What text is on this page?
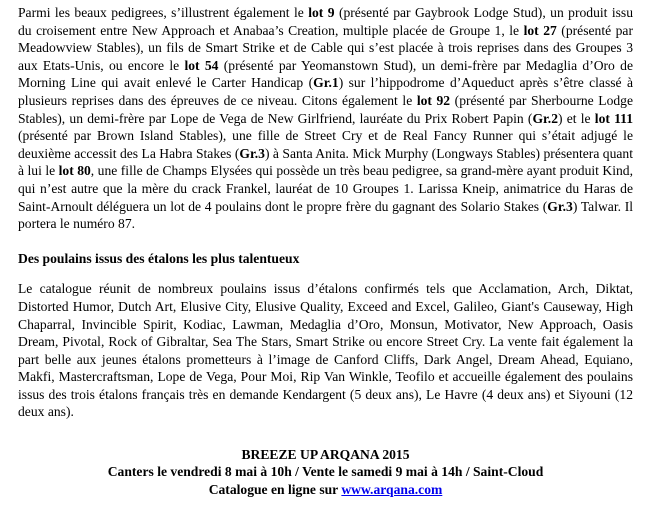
Parmi les beaux pedigrees, s’illustrent également le lot 9 (présenté par Gaybrook Lodge Stud), un produit issu du croisement entre New Approach et Anabaa’s Creation, multiple placée de Groupe 1, le lot 27 (présenté par Meadowview Stables), un fils de Smart Strike et de Cable qui s’est placée à trois reprises dans des Groupes 3 aux Etats-Unis, ou encore le lot 54 (présenté par Yeomanstown Stud), un demi-frère par Medaglia d’Oro de Morning Line qui avait enlevé le Carter Handicap (Gr.1) sur l’hippodrome d’Aqueduct après s’être classé à plusieurs reprises dans des épreuves de ce niveau. Citons également le lot 92 (présenté par Sherbourne Lodge Stables), un demi-frère par Lope de Vega de New Girlfriend, lauréate du Prix Robert Papin (Gr.2) et le lot 111 (présenté par Brown Island Stables), une fille de Street Cry et de Real Fancy Runner qui s’était adjugé le deuxième accessit des La Habra Stakes (Gr.3) à Santa Anita. Mick Murphy (Longways Stables) présentera quant à lui le lot 80, une fille de Champs Elysées qui possède un très beau pedigree, sa grand-mère ayant produit Kind, qui n’est autre que la mère du crack Frankel, lauréat de 10 Groupes 1. Larissa Kneip, animatrice du Haras de Saint-Arnoult déléguera un lot de 4 poulains dont le propre frère du gagnant des Solario Stakes (Gr.3) Talwar. Il portera le numéro 87.

Des poulains issus des étalons les plus talentueux

Le catalogue réunit de nombreux poulains issus d’étalons confirmés tels que Acclamation, Arch, Diktat, Distorted Humor, Dutch Art, Elusive City, Elusive Quality, Exceed and Excel, Galileo, Giant's Causeway, High Chaparral, Invincible Spirit, Kodiac, Lawman, Medaglia d’Oro, Monsun, Motivator, New Approach, Oasis Dream, Pivotal, Rock of Gibraltar, Sea The Stars, Smart Strike ou encore Street Cry. La vente fait également la part belle aux jeunes étalons prometteurs à l’image de Canford Cliffs, Dark Angel, Dream Ahead, Equiano, Makfi, Mastercraftsman, Lope de Vega, Pour Moi, Rip Van Winkle, Teofilo et accueille également des poulains issus des trois étalons français très en demande Kendargent (5 deux ans), Le Havre (4 deux ans) et Siyouni (12 deux ans).

BREEZE UP ARQANA 2015
Canters le vendredi 8 mai à 10h / Vente le samedi 9 mai à 14h / Saint-Cloud
Catalogue en ligne sur www.arqana.com
